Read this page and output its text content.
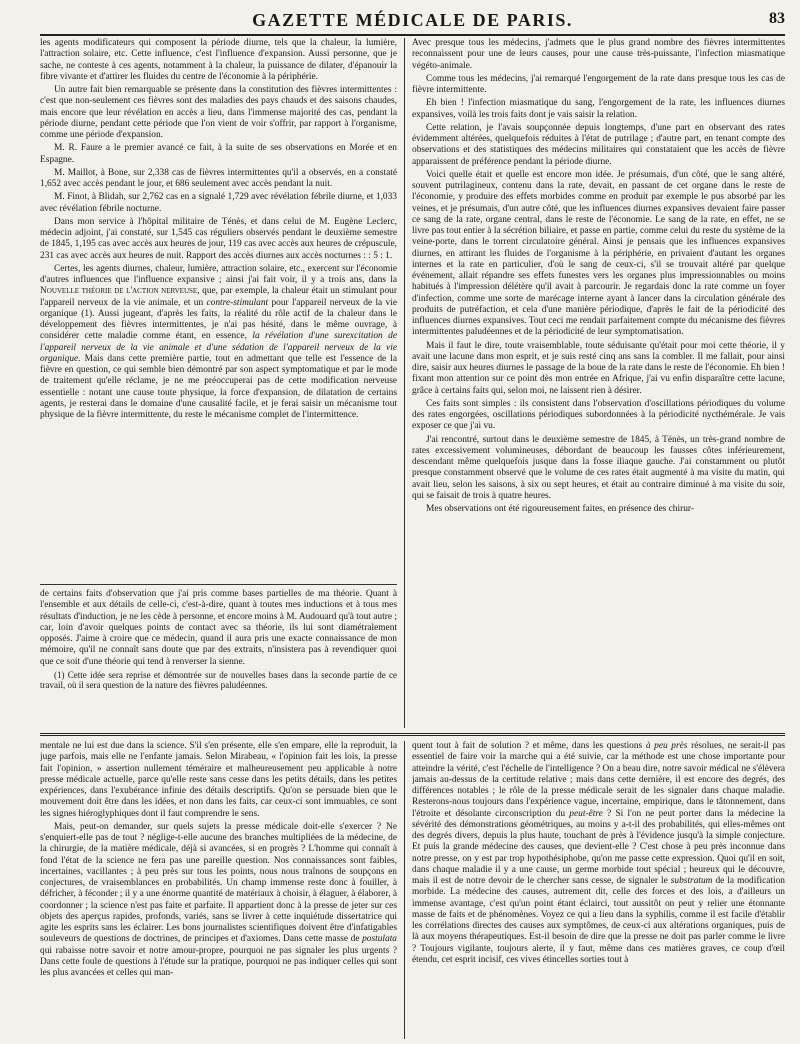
GAZETTE MÉDICALE DE PARIS.	83

les agents modificateurs qui composent la période diurne, tels que la chaleur, la lumière, l'attraction solaire, etc. Cette influence, c'est l'influence d'expansion. Aussi personne, que je sache, ne conteste à ces agents, notamment à la chaleur, la puissance de dilater, d'épanouir la fibre vivante et d'attirer les fluides du centre de l'économie à la périphérie.

Un autre fait bien remarquable se présente dans la constitution des fièvres intermittentes : c'est que non-seulement ces fièvres sont des maladies des pays chauds et des saisons chaudes, mais encore que leur révélation en accès a lieu, dans l'immense majorité des cas, pendant la période diurne, pendant cette période que l'on vient de voir s'offrir, par rapport à l'organisme, comme une période d'expansion.

M. R. Faure a le premier avancé ce fait, à la suite de ses observations en Morée et en Espagne.

M. Maillot, à Bone, sur 2,338 cas de fièvres intermittentes qu'il a observés, en a constaté 1,652 avec accès pendant le jour, et 686 seulement avec accès pendant la nuit.

M. Finot, à Blidah, sur 2,762 cas en a signalé 1,729 avec révélation fébrile diurne, et 1,033 avec révélation fébrile nocturne.

Dans mon service à l'hôpital militaire de Ténès, et dans celui de M. Eugène Leclerc, médecin adjoint, j'ai constaté, sur 1,545 cas réguliers observés pendant le deuxième semestre de 1845, 1,195 cas avec accès aux heures de jour, 119 cas avec accès aux heures de crépuscule, 231 cas avec accès aux heures de nuit. Rapport des accès diurnes aux accès nocturnes : : 5 : 1.

Certes, les agents diurnes, chaleur, lumière, attraction solaire, etc., exercent sur l'économie d'autres influences que l'influence expansive ; ainsi j'ai fait voir, il y a trois ans, dans la Nouvelle théorie de l'action nerveuse, que, par exemple, la chaleur était un stimulant pour l'appareil nerveux de la vie animale, et un contre-stimulant pour l'appareil nerveux de la vie organique (1). Aussi jugeant, d'après les faits, la réalité du rôle actif de la chaleur dans le développement des fièvres intermittentes, je n'ai pas hésité, dans le même ouvrage, à considérer cette maladie comme étant, en essence, la révélation d'une surexcitation de l'appareil nerveux de la vie animale et d'une sédation de l'appareil nerveux de la vie organique. Mais dans cette première partie, tout en admettant que telle est l'essence de la fièvre en question, ce qui semble bien démontré par son aspect symptomatique et par le mode de traitement qu'elle réclame, je ne me préoccuperai pas de cette modification nerveuse essentielle : notant une cause toute physique, la force d'expansion, de dilatation de certains agents, je resterai dans le domaine d'une causalité facile, et je ferai saisir un mécanisme tout physique de la fièvre intermittente, du reste le mécanisme complet de l'intermittence.

de certains faits d'observation que j'ai pris comme bases partielles de ma théorie. Quant à l'ensemble et aux détails de celle-ci, c'est-à-dire, quant à toutes mes inductions et à tous mes résultats d'induction, je ne les cède à personne, et encore moins à M. Audouard qu'à tout autre ; car, loin d'avoir quelques points de contact avec sa théorie, ils lui sont diamétralement opposés. J'aime à croire que ce médecin, quand il aura pris une exacte connaissance de mon mémoire, qu'il ne connaît sans doute que par des extraits, n'insistera pas à revendiquer quoi que ce soit d'une théorie qui tend à renverser la sienne.

(1) Cette idée sera reprise et démontrée sur de nouvelles bases dans la seconde partie de ce travail, où il sera question de la nature des fièvres paludéennes.

Avec presque tous les médecins, j'admets que le plus grand nombre des fièvres intermittentes reconnaissent pour une de leurs causes, pour une cause très-puissante, l'infection miasmatique végéto-animale.

Comme tous les médecins, j'ai remarqué l'engorgement de la rate dans presque tous les cas de fièvre intermittente.

Eh bien ! l'infection miasmatique du sang, l'engorgement de la rate, les influences diurnes expansives, voilà les trois faits dont je vais saisir la relation.

Cette relation, je l'avais soupçonnée depuis longtemps, d'une part en observant des rates évidemment altérées, quelquefois réduites à l'état de putrilage ; d'autre part, en tenant compte des observations et des statistiques des médecins militaires qui constataient que les accès de fièvre apparaissent de préférence pendant la période diurne.

Voici quelle était et quelle est encore mon idée. Je présumais, d'un côté, que le sang altéré, souvent putrilagineux, contenu dans la rate, devait, en passant de cet organe dans le reste de l'économie, y produire des effets morbides comme en produit par exemple le pus absorbé par les veines, et je présumais, d'un autre côté, que les influences diurnes expansives devaient faire passer ce sang de la rate, organe central, dans le reste de l'économie. Le sang de la rate, en effet, ne se livre pas tout entier à la sécrétion biliaire, et passe en partie, comme celui du reste du système de la veine-porte, dans le torrent circulatoire général. Ainsi je pensais que les influences expansives diurnes, en attirant les fluides de l'organisme à la périphérie, en privaient d'autant les organes internes et la rate en particulier, d'où le sang de ceux-ci, s'il se trouvait altéré par quelque événement, allait répandre ses effets funestes vers les organes plus impressionnables ou moins habitués à l'impression délétère qu'il avait à parcourir. Je regardais donc la rate comme un foyer d'infection, comme une sorte de marécage interne ayant à lancer dans la circulation générale des produits de putréfaction, et cela d'une manière périodique, d'après le fait de la périodicité des influences diurnes expansives. Tout ceci me rendait parfaitement compte du mécanisme des fièvres intermittentes paludéennes et de la périodicité de leur symptomatisation.

Mais il faut le dire, toute vraisemblable, toute séduisante qu'était pour moi cette théorie, il y avait une lacune dans mon esprit, et je suis resté cinq ans sans la combler. Il me fallait, pour ainsi dire, saisir aux heures diurnes le passage de la boue de la rate dans le reste de l'économie. Eh bien ! fixant mon attention sur ce point dès mon entrée en Afrique, j'ai vu enfin disparaître cette lacune, grâce à certains faits qui, selon moi, ne laissent rien à désirer.

Ces faits sont simples : ils consistent dans l'observation d'oscillations périodiques du volume des rates engorgées, oscillations périodiques subordonnées à la périodicité nycthémérale. Je vais exposer ce que j'ai vu.

J'ai rencontré, surtout dans le deuxième semestre de 1845, à Ténès, un très-grand nombre de rates excessivement volumineuses, débordant de beaucoup les fausses côtes inférieurement, descendant même quelquefois jusque dans la fosse iliaque gauche. J'ai constamment ou plutôt presque constamment observé que le volume de ces rates était augmenté à ma visite du matin, qui avait lieu, selon les saisons, à six ou sept heures, et était au contraire diminué à ma visite du soir, qui se faisait de trois à quatre heures.

Mes observations ont été rigoureusement faites, en présence des chirur-

mentale ne lui est due dans la science. S'il s'en présente, elle s'en empare, elle la reproduit, la juge parfois, mais elle ne l'enfante jamais. Selon Mirabeau, « l'opinion fait les lois, la presse fait l'opinion, » assertion nullement téméraire et malheureusement peu applicable à notre presse médicale actuelle, parce qu'elle reste sans cesse dans les petits détails, dans les petites expériences, dans l'exubérance infinie des détails descriptifs. Qu'on se persuade bien que le mouvement doit être dans les idées, et non dans les faits, car ceux-ci sont immuables, ce sont les signes hiéroglyphiques dont il faut comprendre le sens.

Mais, peut-on demander, sur quels sujets la presse médicale doit-elle s'exercer ? Ne s'enquiert-elle pas de tout ? néglige-t-elle aucune des branches multipliées de la médecine, de la chirurgie, de la matière médicale, déjà si avancées, si en progrès ? L'homme qui connaît à fond l'état de la science ne fera pas une pareille question. Nos connaissances sont faibles, incertaines, vacillantes ; à peu près sur tous les points, nous nous traînons de soupçons en conjectures, de vraisemblances en probabilités. Un champ immense reste donc à fouiller, à défricher, à féconder ; il y a une énorme quantité de matériaux à choisir, à élaguer, à élaborer, à coordonner ; la science n'est pas faite et parfaite. Il appartient donc à la presse de jeter sur ces objets des aperçus rapides, profonds, variés, sans se livrer à cette inquiétude dissertatrice qui agite les esprits sans les éclairer. Les bons journalistes scientifiques doivent être d'infatigables souleveurs de questions de doctrines, de principes et d'axiomes. Dans cette masse de postulata qui rabaisse notre savoir et notre amour-propre, pourquoi ne pas signaler les plus urgents ? Dans cette foule de questions à l'étude sur la pratique, pourquoi ne pas indiquer celles qui sont les plus avancées et celles qui man-

quent tout à fait de solution ? et même, dans les questions à peu près résolues, ne serait-il pas essentiel de faire voir la marche qui a été suivie, car la méthode est une chose importante pour atteindre la vérité, c'est l'échelle de l'intelligence ? On a beau dire, notre savoir médical ne s'élèvera jamais au-dessus de la certitude relative ; mais dans cette dernière, il est encore des degrés, des différences notables ; le rôle de la presse médicale serait de les signaler dans chaque maladie. Resterons-nous toujours dans l'expérience vague, incertaine, empirique, dans le tâtonnement, dans l'étroite et désolante circonscription du peut-être ? Si l'on ne peut porter dans la médecine la sévérité des démonstrations géométriques, au moins y a-t-il des probabilités, qui elles-mêmes ont des degrés divers, depuis la plus haute, touchant de près à l'évidence jusqu'à la simple conjecture. Et puis la grande médecine des causes, que devient-elle ? C'est chose à peu près inconnue dans notre presse, on y est par trop hypothésiphobe, qu'on me passe cette expression. Quoi qu'il en soit, dans chaque maladie il y a une cause, un germe morbide tout spécial ; heureux qui le découvre, mais il est de notre devoir de le chercher sans cesse, de signaler le substratum de la modification morbide. La médecine des causes, autrement dit, celle des forces et des lois, a d'ailleurs un immense avantage, c'est qu'un point étant éclairci, tout aussitôt on peut y relier une étonnante masse de faits et de phénomènes. Voyez ce qui a lieu dans la syphilis, comme il est facile d'établir les corrélations directes des causes aux symptômes, de ceux-ci aux altérations organiques, puis de là aux moyens thérapeutiques. Est-il besoin de dire que la presse ne doit pas parler comme le livre ? Toujours vigilante, toujours alerte, il y faut, même dans ces matières graves, ce coup d'œil étendu, cet esprit incisif, ces vives étincelles sorties tout à
